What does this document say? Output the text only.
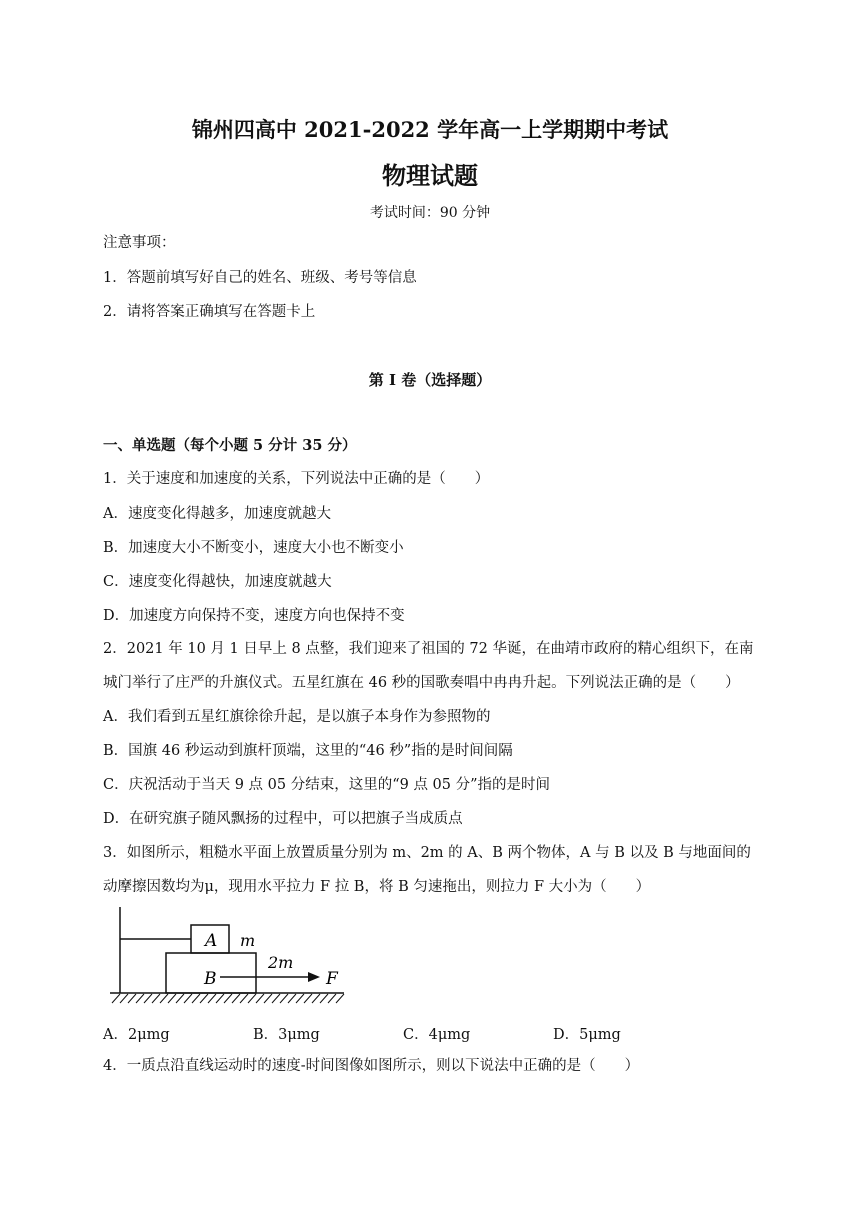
锦州四高中 2021-2022 学年高一上学期期中考试
物理试题
考试时间：90 分钟
注意事项：
1．答题前填写好自己的姓名、班级、考号等信息
2．请将答案正确填写在答题卡上
第 I 卷（选择题）
一、单选题（每个小题 5 分计 35 分）
1．关于速度和加速度的关系，下列说法中正确的是（　　）
A．速度变化得越多，加速度就越大
B．加速度大小不断变小，速度大小也不断变小
C．速度变化得越快，加速度就越大
D．加速度方向保持不变，速度方向也保持不变
2．2021 年 10 月 1 日早上 8 点整，我们迎来了祖国的 72 华诞，在曲靖市政府的精心组织下，在南
城门举行了庄严的升旗仪式。五星红旗在 46 秒的国歌奏唱中冉冉升起。下列说法正确的是（　　）
A．我们看到五星红旗徐徐升起，是以旗子本身作为参照物的
B．国旗 46 秒运动到旗杆顶端，这里的“46 秒”指的是时间间隔
C．庆祝活动于当天 9 点 05 分结束，这里的“9 点 05 分”指的是时间
D．在研究旗子随风飘扬的过程中，可以把旗子当成质点
3．如图所示，粗糙水平面上放置质量分别为 m、2m 的 A、B 两个物体，A 与 B 以及 B 与地面间的
动摩擦因数均为μ，现用水平拉力 F 拉 B，将 B 匀速拖出，则拉力 F 大小为（　　）
A m
B
2m
F
A．2μmg	B．3μmg	C．4μmg	D．5μmg
4．一质点沿直线运动时的速度-时间图像如图所示，则以下说法中正确的是（　　）
